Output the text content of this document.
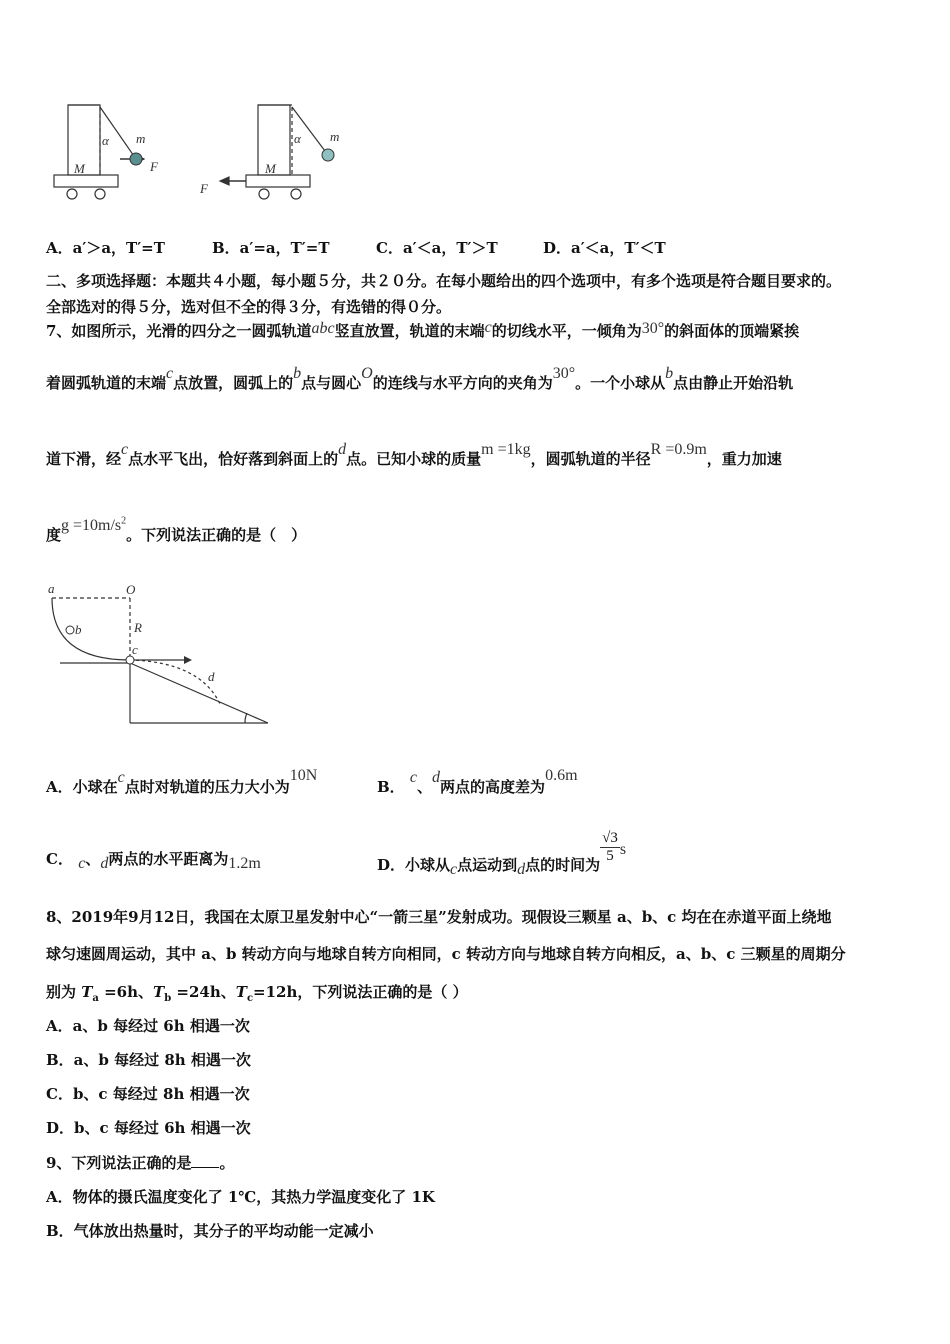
α m
M	F
α m
M
F
A．a′＞a，T′=T	B．a′=a，T′=T	C．a′＜a，T′＞T	D．a′＜a，T′＜T
二、多项选择题：本题共４小题，每小题５分，共２０分。在每小题给出的四个选项中，有多个选项是符合题目要求的。
全部选对的得５分，选对但不全的得３分，有选错的得０分。
7、如图所示，光滑的四分之一圆弧轨道abc竖直放置，轨道的末端c的切线水平，一倾角为30°的斜面体的顶端紧挨
着圆弧轨道的末端c点放置，圆弧上的b点与圆心O的连线与水平方向的夹角为30°。一个小球从b点由静止开始沿轨
道下滑，经c点水平飞出，恰好落到斜面上的d点。已知小球的质量m =1kg，圆弧轨道的半径R =0.9m，重力加速
度$g =10m/s^2$。下列说法正确的是（　）
a	O
b	R
c
d
A．小球在c点时对轨道的压力大小为10N
B． c、d两点的高度差为0.6m
C． c、d两点的水平距离为1.2m	D．小球从c点运动到d点的时间为 $\frac{√3}{5}$ s
8、2019年9月12日，我国在太原卫星发射中心“一箭三星”发射成功。现假设三颗星 a、b、c 均在在赤道平面上绕地
球匀速圆周运动，其中 a、b 转动方向与地球自转方向相同，c 转动方向与地球自转方向相反，a、b、c 三颗星的周期分
别为 $T_a =6h$、$T_b =24h$、$T_c=12h$，下列说法正确的是（ ）
A．a、b 每经过 6h 相遇一次
B．a、b 每经过 8h 相遇一次
C．b、c 每经过 8h 相遇一次
D．b、c 每经过 6h 相遇一次
9、下列说法正确的是 。
A．物体的摄氏温度变化了 1℃，其热力学温度变化了 1K
B．气体放出热量时，其分子的平均动能一定减小
